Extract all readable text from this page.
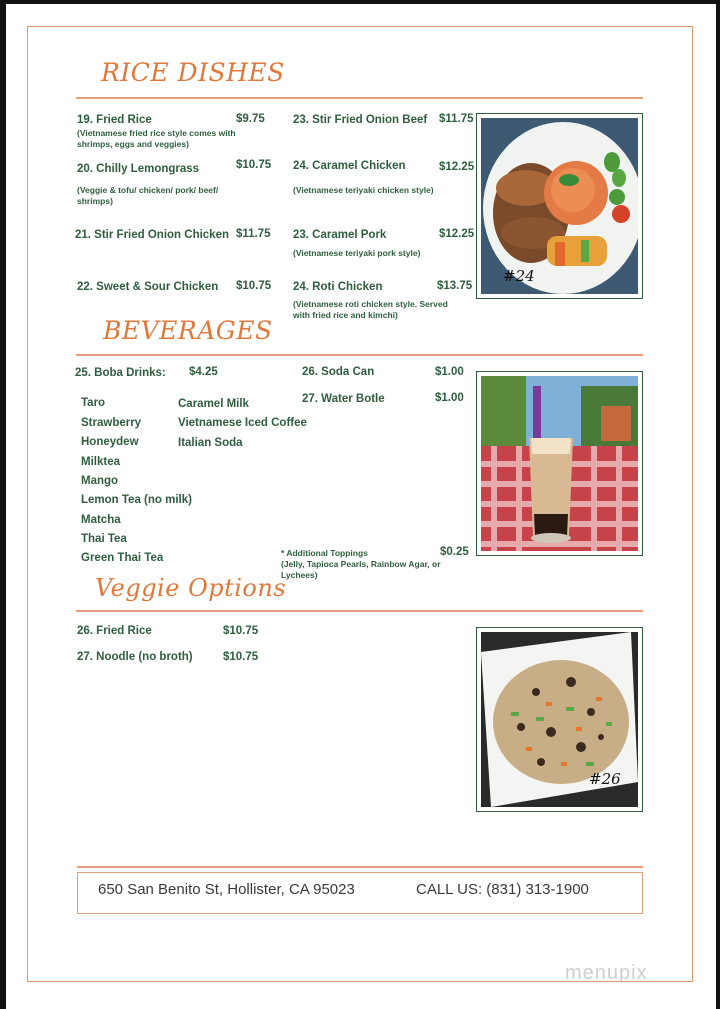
RICE DISHES
19. Fried Rice	$9.75
(Vietnamese fried rice style comes with shrimps, eggs and veggies)
20. Chilly Lemongrass	$10.75
(Veggie & tofu/ chicken/ pork/ beef/ shrimps)
21. Stir Fried Onion Chicken $11.75
22. Sweet & Sour Chicken $10.75
23. Stir Fried Onion Beef $11.75
24. Caramel Chicken	$12.25
(Vietnamese teriyaki chicken style)
23. Caramel Pork	$12.25
(Vietnamese teriyaki pork style)
24. Roti Chicken	$13.75
(Vietnamese roti chicken style. Served with fried rice and kimchi)
#24
BEVERAGES
25. Boba Drinks: $4.25
Taro
Strawberry
Honeydew
Milktea
Mango
Lemon Tea (no milk)
Matcha
Thai Tea
Green Thai Tea
Caramel Milk
Vietnamese Iced Coffee
Italian Soda
26. Soda Can	$1.00
27. Water Botle	$1.00
* Additional Toppings	$0.25
(Jelly, Tapioca Pearls, Rainbow Agar, or Lychees)
Veggie Options
26. Fried Rice	$10.75
27. Noodle (no broth)	$10.75
#26
650 San Benito St, Hollister, CA 95023	CALL US: (831) 313-1900
menupix
